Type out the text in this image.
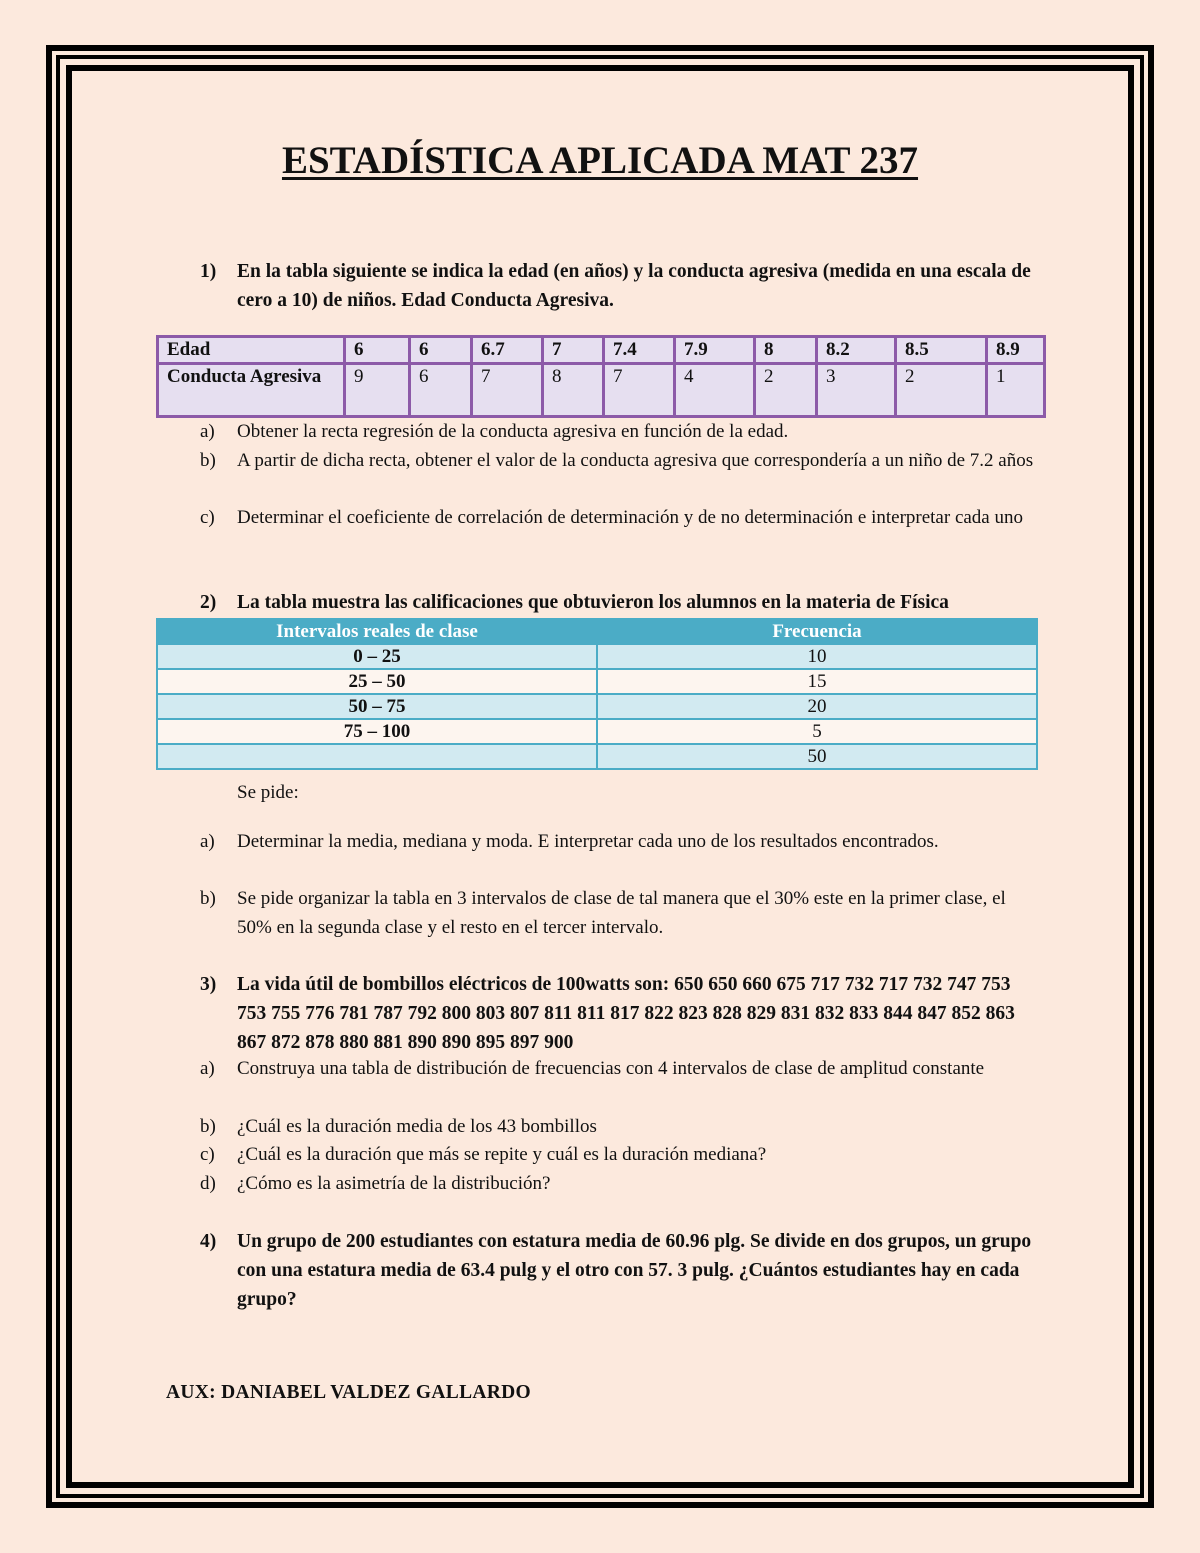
ESTADÍSTICA APLICADA MAT 237
1) En la tabla siguiente se indica la edad (en años) y la conducta agresiva (medida en una escala de cero a 10) de niños. Edad Conducta Agresiva.
Edad	6	6	6.7	7	7.4	7.9	8	8.2	8.5	8.9
Conducta Agresiva	9	6	7	8	7	4	2	3	2	1
a) Obtener la recta regresión de la conducta agresiva en función de la edad.
b) A partir de dicha recta, obtener el valor de la conducta agresiva que correspondería a un niño de 7.2 años
c) Determinar el coeficiente de correlación de determinación y de no determinación e interpretar cada uno
2) La tabla muestra las calificaciones que obtuvieron los alumnos en la materia de Física
Intervalos reales de clase	Frecuencia
0 – 25	10
25 – 50	15
50 – 75	20
75 – 100	5
	50
Se pide:
a) Determinar la media, mediana y moda. E interpretar cada uno de los resultados encontrados.
b) Se pide organizar la tabla en 3 intervalos de clase de tal manera que el 30% este en la primer clase, el 50% en la segunda clase y el resto en el tercer intervalo.
3) La vida útil de bombillos eléctricos de 100watts son: 650 650 660 675 717 732 717 732 747 753 753 755 776 781 787 792 800 803 807 811 811 817 822 823 828 829 831 832 833 844 847 852 863 867 872 878 880 881 890 890 895 897 900
a) Construya una tabla de distribución de frecuencias con 4 intervalos de clase de amplitud constante
b) ¿Cuál es la duración media de los 43 bombillos
c) ¿Cuál es la duración que más se repite y cuál es la duración mediana?
d) ¿Cómo es la asimetría de la distribución?
4) Un grupo de 200 estudiantes con estatura media de 60.96 plg. Se divide en dos grupos, un grupo con una estatura media de 63.4 pulg y el otro con 57. 3 pulg. ¿Cuántos estudiantes hay en cada grupo?
AUX: DANIABEL VALDEZ GALLARDO
